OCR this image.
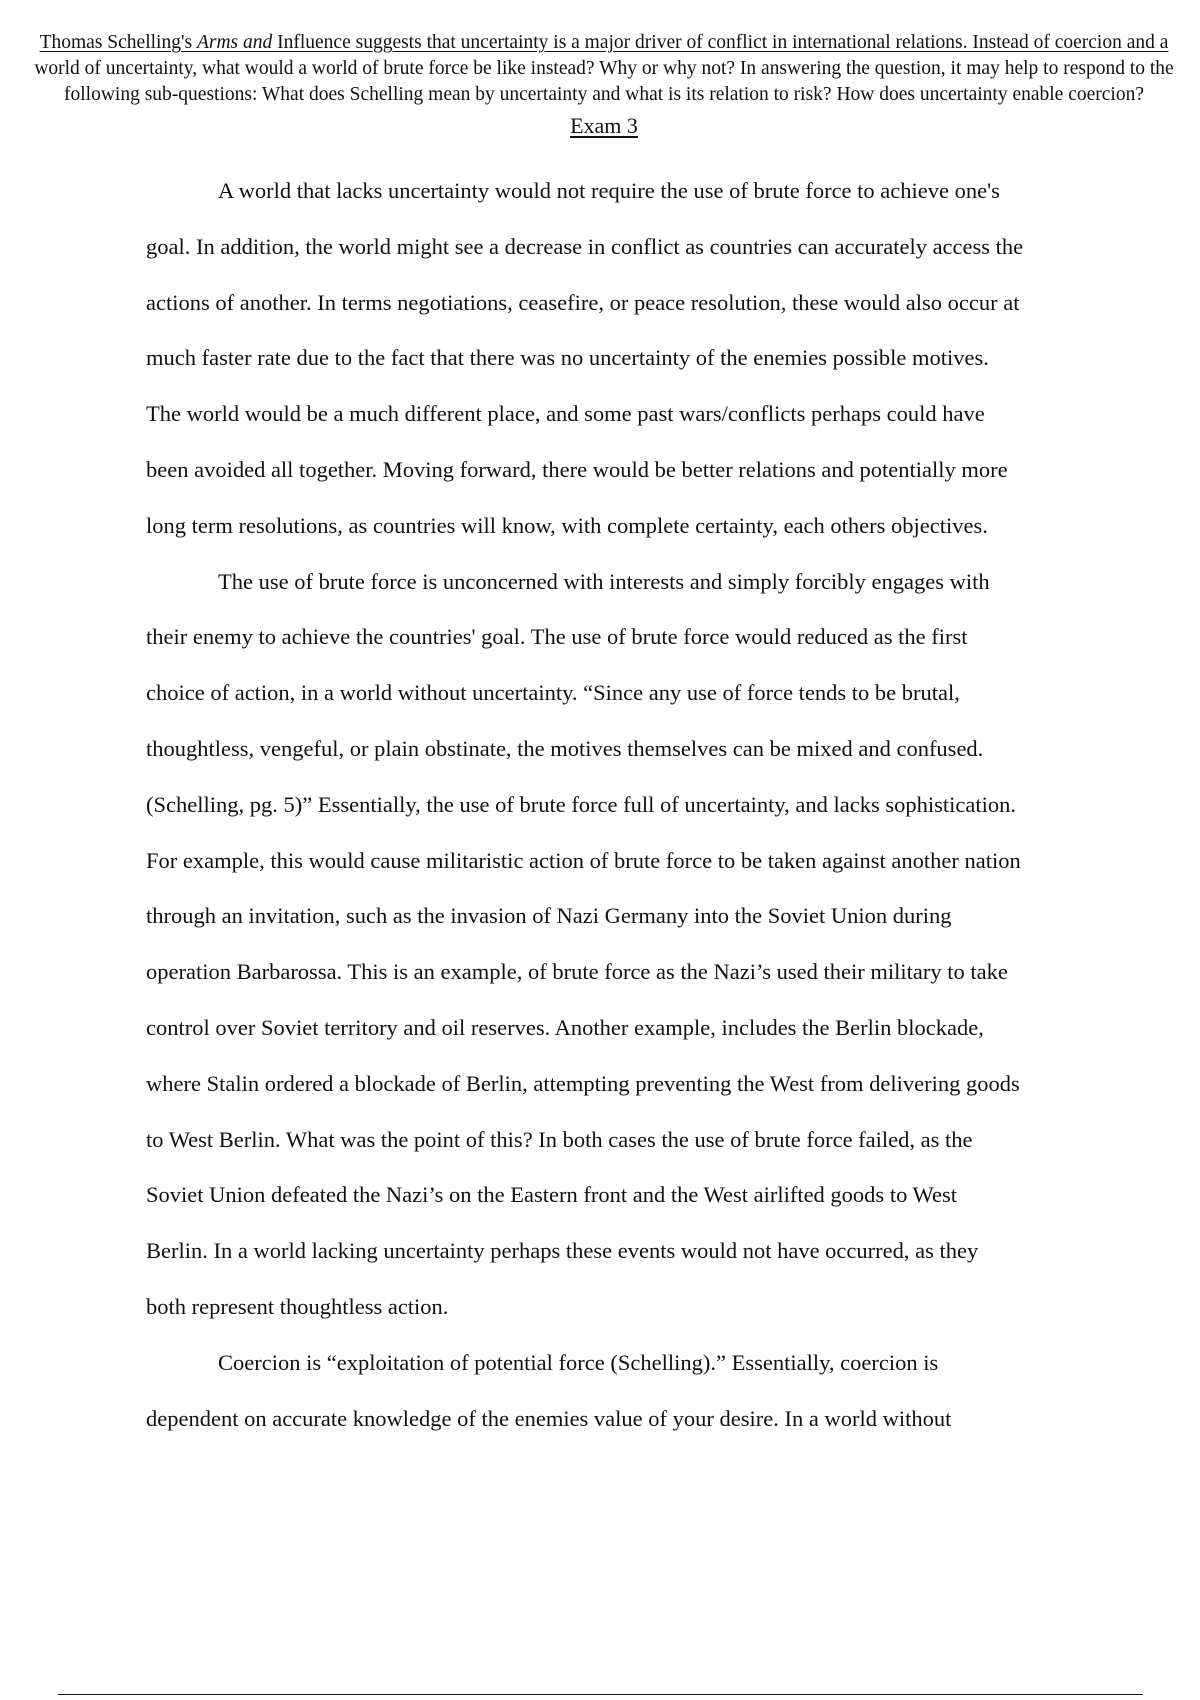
Thomas Schelling's Arms and Influence suggests that uncertainty is a major driver of conflict in international relations. Instead of coercion and a
world of uncertainty, what would a world of brute force be like instead? Why or why not? In answering the question, it may help to respond to the
following sub-questions: What does Schelling mean by uncertainty and what is its relation to risk? How does uncertainty enable coercion?
Exam 3
A world that lacks uncertainty would not require the use of brute force to achieve one's
goal. In addition, the world might see a decrease in conflict as countries can accurately access the
actions of another. In terms negotiations, ceasefire, or peace resolution, these would also occur at
much faster rate due to the fact that there was no uncertainty of the enemies possible motives.
The world would be a much different place, and some past wars/conflicts perhaps could have
been avoided all together. Moving forward, there would be better relations and potentially more
long term resolutions, as countries will know, with complete certainty, each others objectives.
The use of brute force is unconcerned with interests and simply forcibly engages with
their enemy to achieve the countries' goal. The use of brute force would reduced as the first
choice of action, in a world without uncertainty. “Since any use of force tends to be brutal,
thoughtless, vengeful, or plain obstinate, the motives themselves can be mixed and confused.
(Schelling, pg. 5)” Essentially, the use of brute force full of uncertainty, and lacks sophistication.
For example, this would cause militaristic action of brute force to be taken against another nation
through an invitation, such as the invasion of Nazi Germany into the Soviet Union during
operation Barbarossa. This is an example, of brute force as the Nazi’s used their military to take
control over Soviet territory and oil reserves. Another example, includes the Berlin blockade,
where Stalin ordered a blockade of Berlin, attempting preventing the West from delivering goods
to West Berlin. What was the point of this? In both cases the use of brute force failed, as the
Soviet Union defeated the Nazi’s on the Eastern front and the West airlifted goods to West
Berlin. In a world lacking uncertainty perhaps these events would not have occurred, as they
both represent thoughtless action.
Coercion is “exploitation of potential force (Schelling).” Essentially, coercion is
dependent on accurate knowledge of the enemies value of your desire. In a world without
